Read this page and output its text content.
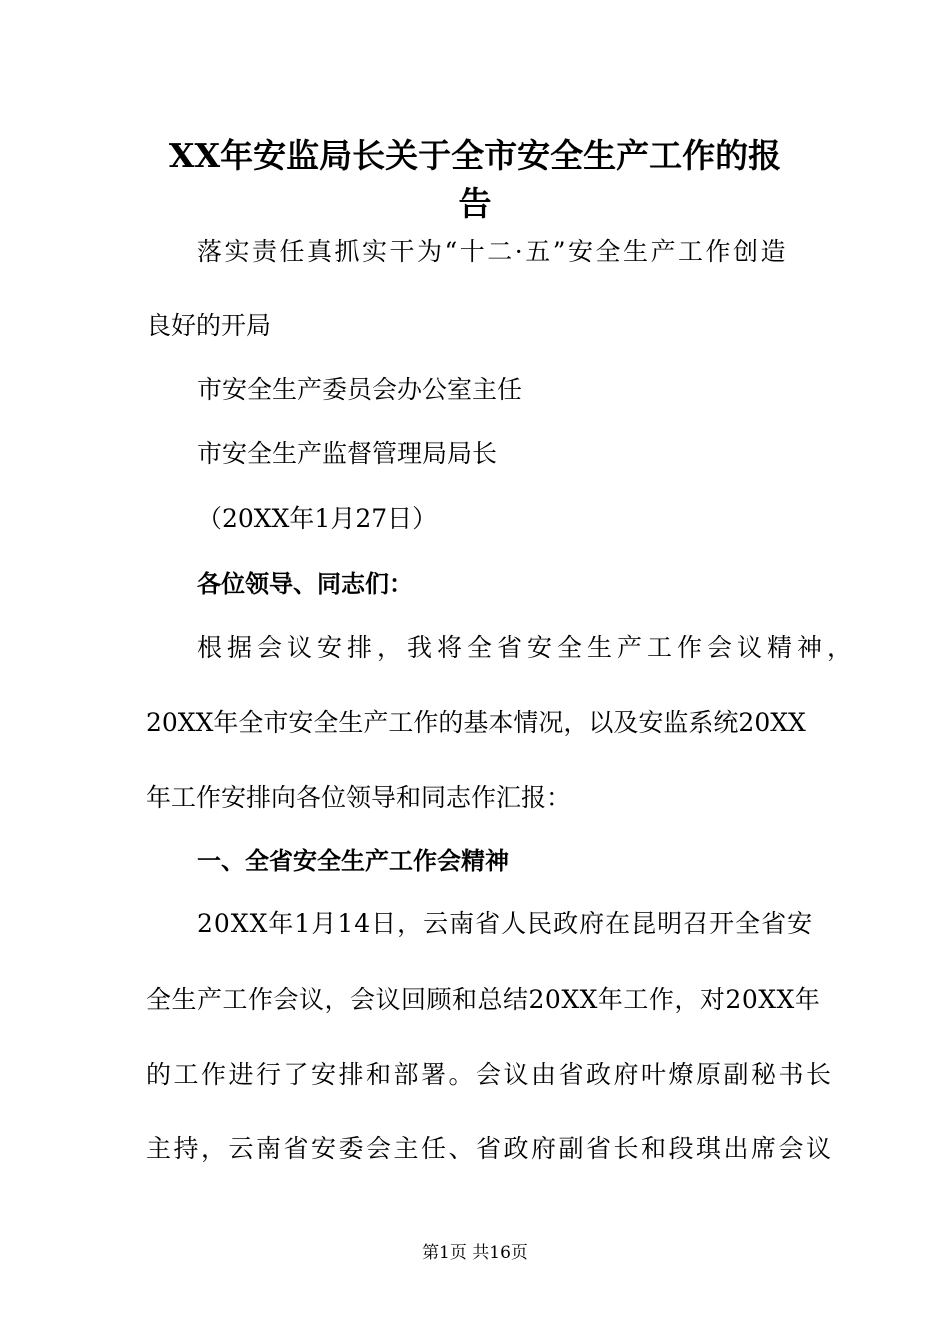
XX年安监局长关于全市安全生产工作的报
告

落实责任真抓实干为“十二·五”安全生产工作创造

良好的开局

市安全生产委员会办公室主任

市安全生产监督管理局局长

（20XX年1月27日）

各位领导、同志们：

根据会议安排，我将全省安全生产工作会议精神，

20XX年全市安全生产工作的基本情况，以及安监系统20XX

年工作安排向各位领导和同志作汇报：

一、全省安全生产工作会精神

20XX年1月14日，云南省人民政府在昆明召开全省安

全生产工作会议，会议回顾和总结20XX年工作，对20XX年

的工作进行了安排和部署。会议由省政府叶燎原副秘书长

主持，云南省安委会主任、省政府副省长和段琪出席会议

第1页 共16页
